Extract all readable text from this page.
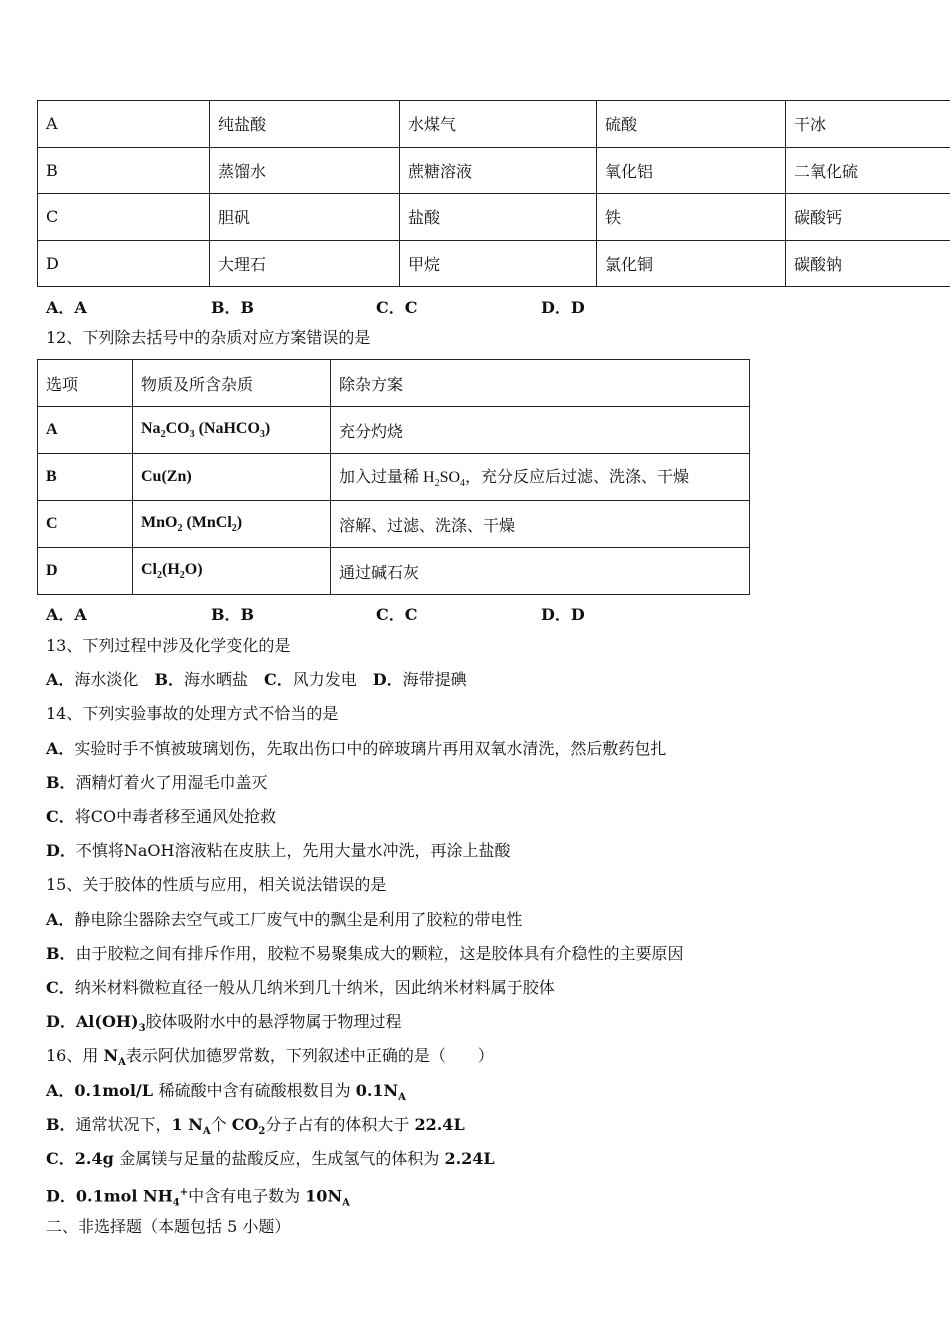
A	纯盐酸	水煤气	硫酸	干冰
B	蒸馏水	蔗糖溶液	氧化铝	二氧化硫
C	胆矾	盐酸	铁	碳酸钙
D	大理石	甲烷	氯化铜	碳酸钠
A．A	B．B	C．C	D．D
12、下列除去括号中的杂质对应方案错误的是
选项	物质及所含杂质	除杂方案
A	$Na_2CO_3$ (NaHCO$_3$)	充分灼烧
B	Cu(Zn)	加入过量稀 $H_2SO_4$，充分反应后过滤、洗涤、干燥
C	MnO$_2$ (MnCl$_2$)	溶解、过滤、洗涤、干燥
D	$Cl_2(H_2O)$	通过碱石灰
A．A	B．B	C．C	D．D
13、下列过程中涉及化学变化的是
A．海水淡化　B．海水晒盐　C．风力发电　D．海带提碘
14、下列实验事故的处理方式不恰当的是
A．实验时手不慎被玻璃划伤，先取出伤口中的碎玻璃片再用双氧水清洗，然后敷药包扎
B．酒精灯着火了用湿毛巾盖灭
C．将CO中毒者移至通风处抢救
D．不慎将NaOH溶液粘在皮肤上，先用大量水冲洗，再涂上盐酸
15、关于胶体的性质与应用，相关说法错误的是
A．静电除尘器除去空气或工厂废气中的飘尘是利用了胶粒的带电性
B．由于胶粒之间有排斥作用，胶粒不易聚集成大的颗粒，这是胶体具有介稳性的主要原因
C．纳米材料微粒直径一般从几纳米到几十纳米，因此纳米材料属于胶体
D．$Al(OH)_3$胶体吸附水中的悬浮物属于物理过程
16、用 $N_A$表示阿伏加德罗常数，下列叙述中正确的是（　　）
A．0.1mol/L 稀硫酸中含有硫酸根数目为 $0.1N_A$
B．通常状况下，1 $N_A$个 $CO_2$分子占有的体积大于 22.4L
C．2.4g 金属镁与足量的盐酸反应，生成氢气的体积为 2.24L
D．0.1mol $NH_4^+$中含有电子数为 $10N_A$
二、非选择题（本题包括 5 小题）
